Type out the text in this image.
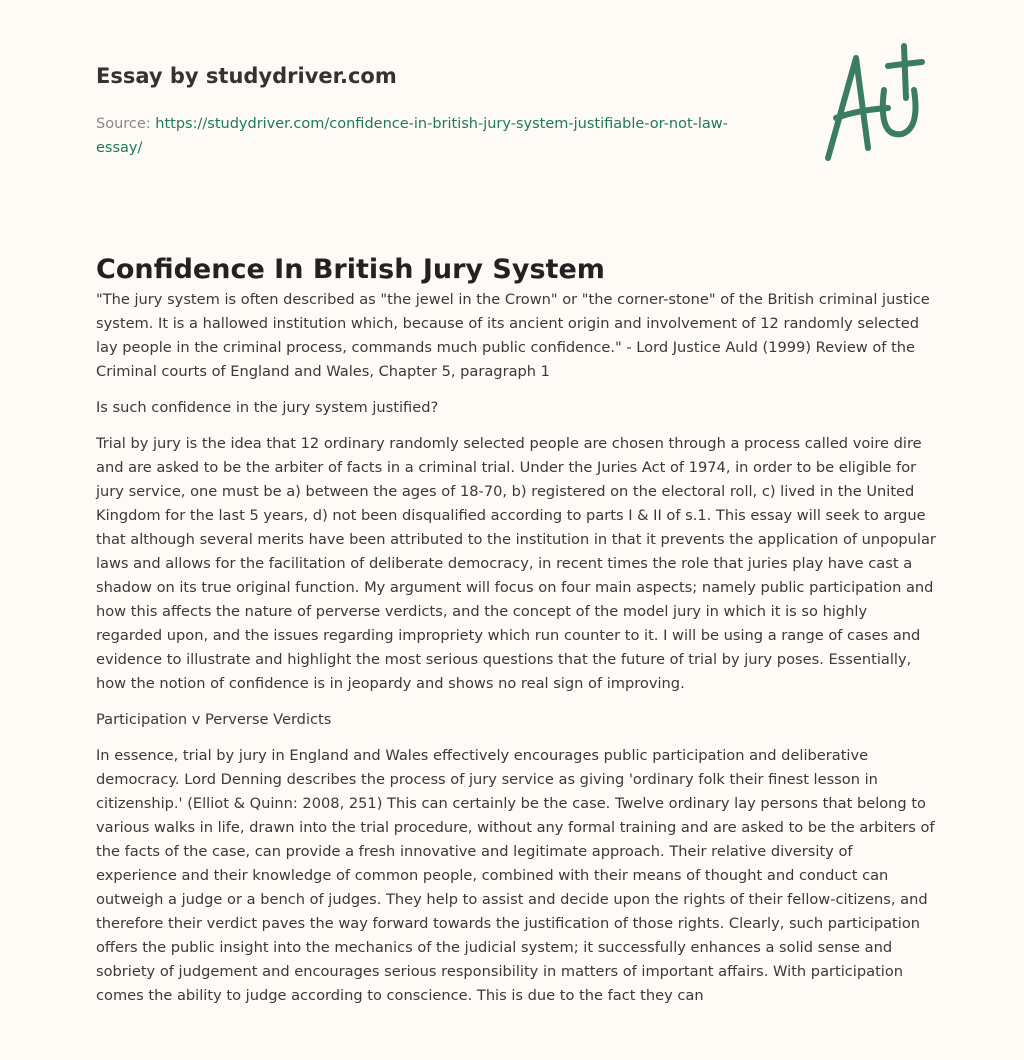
Essay by studydriver.com
Source: https://studydriver.com/confidence-in-british-jury-system-justifiable-or-not-law-essay/
Confidence In British Jury System

"The jury system is often described as "the jewel in the Crown" or "the corner-stone" of the British criminal justice system. It is a hallowed institution which, because of its ancient origin and involvement of 12 randomly selected lay people in the criminal process, commands much public confidence." - Lord Justice Auld (1999) Review of the Criminal courts of England and Wales, Chapter 5, paragraph 1

Is such confidence in the jury system justified?

Trial by jury is the idea that 12 ordinary randomly selected people are chosen through a process called voire dire and are asked to be the arbiter of facts in a criminal trial. Under the Juries Act of 1974, in order to be eligible for jury service, one must be a) between the ages of 18-70, b) registered on the electoral roll, c) lived in the United Kingdom for the last 5 years, d) not been disqualified according to parts I & II of s.1. This essay will seek to argue that although several merits have been attributed to the institution in that it prevents the application of unpopular laws and allows for the facilitation of deliberate democracy, in recent times the role that juries play have cast a shadow on its true original function. My argument will focus on four main aspects; namely public participation and how this affects the nature of perverse verdicts, and the concept of the model jury in which it is so highly regarded upon, and the issues regarding impropriety which run counter to it. I will be using a range of cases and evidence to illustrate and highlight the most serious questions that the future of trial by jury poses. Essentially, how the notion of confidence is in jeopardy and shows no real sign of improving.

Participation v Perverse Verdicts

In essence, trial by jury in England and Wales effectively encourages public participation and deliberative democracy. Lord Denning describes the process of jury service as giving 'ordinary folk their finest lesson in citizenship.' (Elliot & Quinn: 2008, 251) This can certainly be the case. Twelve ordinary lay persons that belong to various walks in life, drawn into the trial procedure, without any formal training and are asked to be the arbiters of the facts of the case, can provide a fresh innovative and legitimate approach. Their relative diversity of experience and their knowledge of common people, combined with their means of thought and conduct can outweigh a judge or a bench of judges. They help to assist and decide upon the rights of their fellow-citizens, and therefore their verdict paves the way forward towards the justification of those rights. Clearly, such participation offers the public insight into the mechanics of the judicial system; it successfully enhances a solid sense and sobriety of judgement and encourages serious responsibility in matters of important affairs. With participation comes the ability to judge according to conscience. This is due to the fact they can
